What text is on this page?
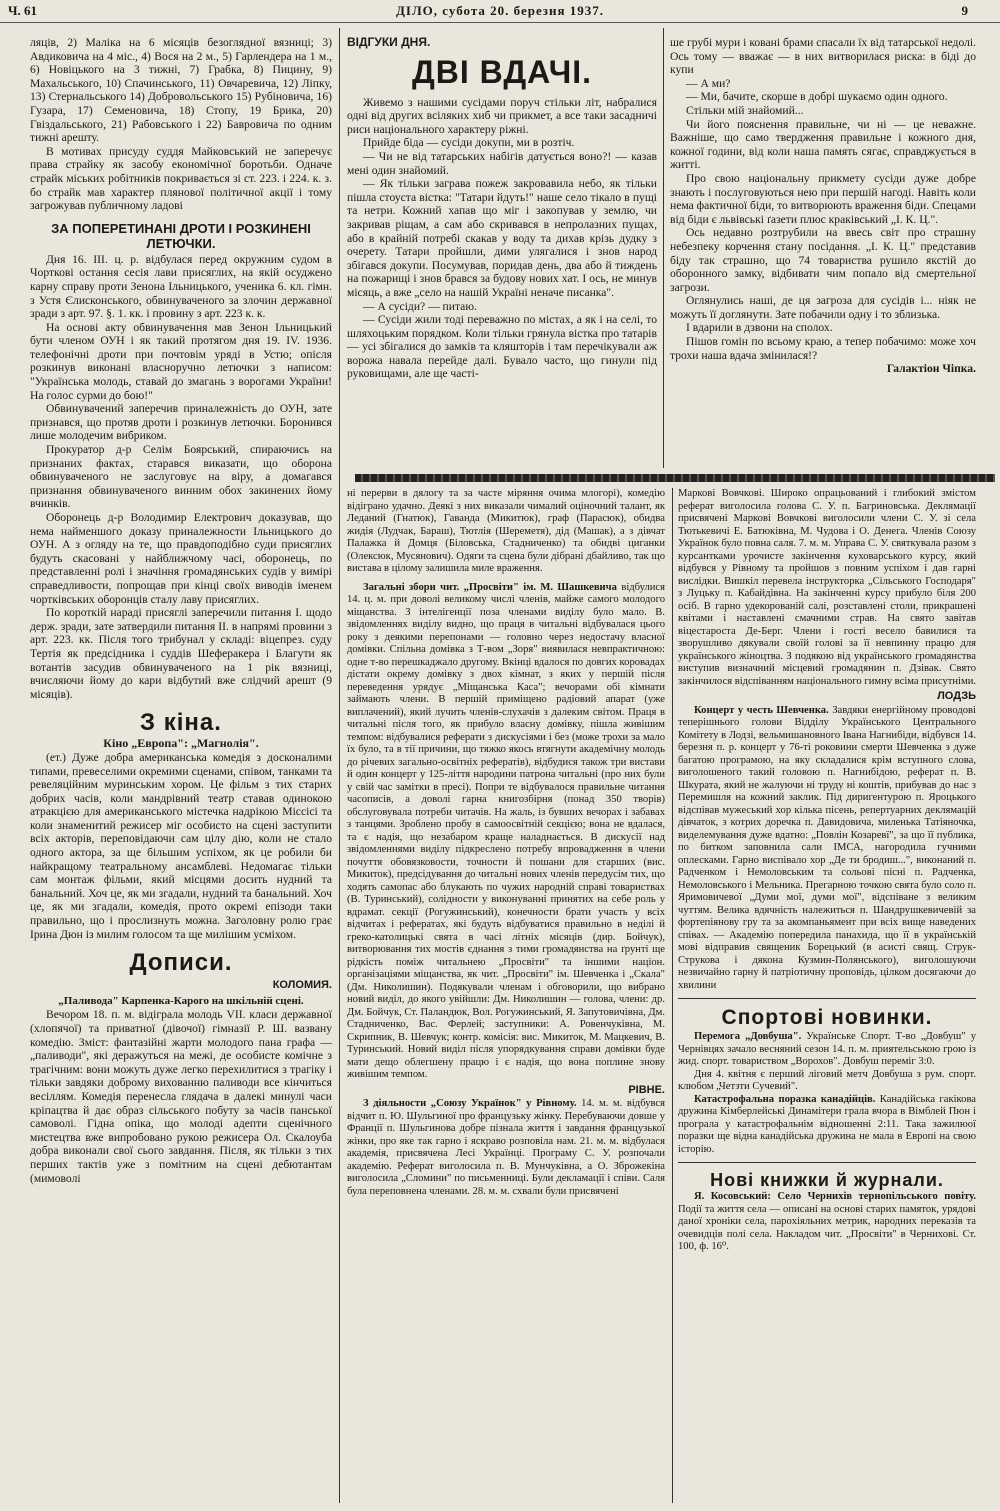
Ч. 61	ДІЛО, субота 20. березня 1937.	9

ляців, 2) Маліка на 6 місяців безоглядної вязниці; 3) Авдиковича на 4 міс., 4) Вося на 2 м., 5) Гарлендера на 1 м., 6) Новіцького на 3 тижні, 7) Грабка, 8) Пицину, 9) Махальського, 10) Спачинського, 11) Овчаревича, 12) Ліпку, 13) Стернальського 14) Добровольського 15) Рубіновича, 16) Гузара, 17) Семеновича, 18) Стопу, 19 Брика, 20) Гвіздальського, 21) Рабовського і 22) Бавровича по одним тижні арешту.

В мотивах присуду суддя Майковський не заперечує права страйку як засобу економічної боротьби. Одначе страйк міських робітників покривається зі ст. 223. і 224. к. з. бо страйк мав характер плянової політичної акції і тому загрожував публичному ладові

ЗА ПОПЕРЕТИНАНІ ДРОТИ І РОЗКИНЕНІ ЛЕТЮЧКИ.

Дня 16. ІІІ. ц. р. відбулася перед окружним судом в Чорткові остання сесія лави присяглих, на якій осуджено карну справу проти Зенона Ільницького, ученика 6. кл. гімн. з Устя Єлисконського, обвинуваченого за злочин державної зради з арт. 97. §. 1. кк. і провину з арт. 223 к. к.

На основі акту обвинувачення мав Зенон Ільницький бути членом ОУН і як такий протягом дня 19. IV. 1936. телефонічні дроти при почтовім уряді в Устю; опісля розкинув виконані власноручно летючки з написом: "Українська молодь, ставай до змагань з ворогами України! На голос сурми до бою!"

Обвинувачений заперечив приналежність до ОУН, зате признався, що протяв дроти і розкинув летючки. Боронився лише молодечим вибриком.

Прокуратор д-р Селім Боярський, спираючись на признаних фактах, старався виказати, що оборона обвинуваченого не заслуговує на віру, а домагався признання обвинуваченого винним обох закинених йому вчинків.

Оборонець д-р Володимир Електрович доказував, що нема найменшого доказу приналежности Ільницького до ОУН. А з огляду на те, що правдоподібно суди присяглих будуть скасовані у найближчому часі, оборонець, по представленні ролі і значіння громадянських судів у вимірі справедливости, попрощав при кінці своїх виводів іменем чортківських оборонців сталу лаву присяглих.

По короткій нараді присяглі заперечили питання І. щодо держ. зради, зате затвердили питання ІІ. в напрямі провини з арт. 223. кк. Після того трибунал у складі: віцепрез. суду Тертія як предсідника і суддів Шеферакера і Благути як вотантів засудив обвинуваченого на 1 рік вязниці, вчисляючи йому до кари відбутий вже слідчий арешт (9 місяців).

З кіна.
Кіно „Европа": „Магнолія".

(ет.) Дуже добра американська комедія з досконалими типами, превеселими окремими сценами, співом, танками та ревеляційним муринським хором. Це фільм з тих старих добрих часів, коли мандрівний театр ставав одинокою атракцією для американського містечка надрікою Міссісі та коли знаменитий режисер міг особисто на сцені заступити всіх акторів, переповідаючи сам цілу дію, коли не стало одного актора, за ще більшим успіхом, як це робили би найкращому театральному ансамблеві. Недомагає тільки сам монтаж фільми, який місцями досить нудний та банальний. Хоч це, як ми згадали, нудний та банальний. Хоч це, як ми згадали, комедія, прото окремі епізоди таки правильно, що і прослизнуть можна. Заголовну ролю грає Ірина Дюн із милим голосом та ще милішим усміхом.

Дописи.
КОЛОМИЯ.
„Паливода" Карпенка-Карого на шкільній сцені.

Вечором 18. п. м. відіграла молодь VII. класи державної (хлопячої) та приватної (дівочої) гімназії Р. Ш. вазвану комедію. Зміст: фантазійні жарти молодого пана графа — „паливоди", які деражуться на межі, де особисте комічне з трагічним: вони можуть дуже легко перехилитися з трагіку і тільки завдяки доброму вихованню паливоди все кінчиться весіллям. Комедія перенесла глядача в далекі минулі часи кріпацтва й дає образ сільського побуту за часів панської самоволі. Гідна опіка, що молоді адепти сценічного мистецтва вже випробовано рукою режисера Ол. Скалоуба добра виконали свої сього завдання. Після, як тільки з тих перших тактів уже з помітним на сцені дебютантам (мимоволі

ВІДГУКИ ДНЯ.
ДВІ ВДАЧІ.

Живемо з нашими сусідами поруч стільки літ, набралися одні від других всіляких хиб чи прикмет, а все таки засадничі риси національного характеру ріжні.

Прийде біда — сусіди докупи, ми в розтіч.

— Чи не від татарських набігів датується воно?! — казав мені один знайомий.

— Як тільки заграва пожеж закровавила небо, як тільки пішла стоуста вістка: "Татари йдуть!" наше село тікало в пущі та нетри. Кожний хапав що міг і закопував у землю, чи закривав ріщам, а сам або скривався в непролазних пущах, або в крайній потребі скакав у воду та дихав крізь дудку з очерету. Татари пройшли, дими улягалися і знов народ збігався докупи. Посумував, поридав день, два або й тиждень на пожарищі і знов брався за будову нових хат. І ось, не минув місяць, а вже „село на нашій Україні неначе писанка".

— А сусіди? — питаю.

— Сусіди жили тоді переважно по містах, а як і на селі, то шляхоцьким порядком. Коли тільки грянула вістка про татарів — усі збігалися до замків та кляшторів і там перечікували аж ворожа навала перейде далі. Бувало часто, що гинули під руковищами, але ще часті-

ше грубі мури і ковані брами спасали їх від татарської недолі. Ось тому — вважає — в них витворилася риска: в біді до купи

— А ми?

— Ми, бачите, скорше в добрі шукаємо один одного.

Стільки мій знайомий...

Чи його пояснення правильне, чи ні — це неважне. Важніше, що само твердження правильне і кожного дня, кожної години, від коли наша память сягає, справджується в житті.

Про свою національну прикмету сусіди дуже добре знають і послуговуються нею при першій нагоді. Навіть коли нема фактичної біди, то витворюють враження біди. Спецами від біди є львівські ґазети плюс краківський „І. К. Ц.".

Ось недавно розтрубили на ввесь світ про страшну небезпеку корчення стану посідання. „І. К. Ц." представив біду так страшно, що 74 товариства рушило якстій до оборонного замку, відбивати чим попало від смертельної загрози.

Оглянулись наші, де ця загроза для сусідів і... ніяк не можуть її доглянути. Зате побачили одну і то зблизька.

І вдарили в дзвони на сполох.

Пішов гомін по всьому краю, а тепер побачимо: може хоч трохи наша вдача змінилася!?

Галактіон Чіпка.

ні перерви в дялогу та за часте міряння очима млогорі), комедію відіграно удачно. Деякі з них виказали чималий оціночний талант, як Леданий (Гнатюк), Гаванда (Микитюк), граф (Парасюк), обидва жидія (Лудчак, Бараш), Тютлія (Шереметя), дід (Машак), а з дівчат Палажка й Домця (Біловська, Стадниченко) та обидві циганки (Олексюк, Мусянович). Одяги та сцена були дібрані дбайливо, так що вистава в цілому залишила миле враження.

Загальні збори чит. „Просвіти" ім. М. Шашкевича відбулися 14. ц. м. при доволі великому числі членів, майже самого молодого міщанства. З інтелігенції поза членами виділу було мало. В. звідомленнях виділу видно, що праця в читальні відбувалася цього року з деякими перепонами — головно через недостачу власної домівки. Спільна домівка з Т-вом „Зоря" виявилася невпрактичною: одне т-во перешкаджало другому. Вкінці вдалося по довгих коровадах дістати окрему домівку з двох кімнат, з яких у першій після переведення урядує „Міщанська Каса"; вечорами обі кімнати займають члени. В першій приміщено радіовий апарат (уже виплачений), який лучить членів-слухачів з далеким світом. Праця в читальні після того, як прибуло власну домівку, пішла живішим темпом: відбувалися реферати з дискусіями і без (може трохи за мало їх було, та в тії причини, що тяжко якось втягнути академічну молодь до річевих загально-освітніх рефератів), відбудися також три вистави й один концерт у 125-ліття народини патрона читальні (про них були у свій час замітки в пресі). Попри те відбувалося правильне читання часописів, а доволі гарна книгозбірня (понад 350 творів) обслуговувала потреби читачів. На жаль, із бувших вечорах і забавах з танцями. Зроблено пробу в самоосвітній секцією; вона не вдалася, та є надія, що незабаром краще наладнається. В дискусії над звідомленнями виділу підкреслено потребу впровадження в члени почуття обовязковости, точности й пошани для старших (вис. Микиток), предсідування до читальні нових членів передусім тих, що ходять самопас або блукають по чужих народній справі товариствах (В. Туринський), солідности у виконуванні принятих на себе роль у вдрамат. секції (Рогужинський), конечности брати участь у всіх відчитах і рефератах, які будуть відбуватися правильно в неділі й греко-католицькі свята в часі літніх місяців (дир. Бойчук), витворювання тих мостів єднання з тими громадянства на ґрунті ще рідкість поміж читальнею „Просвіти" та іншими націон. організаціями міщанства, як чит. „Просвіти" ім. Шевченка і „Скала" (Дм. Николишин). Подякували членам і обговорили, що вибрано новий виділ, до якого увійшли: Дм. Николишин — голова, члени: др. Дм. Бойчук, Ст. Паландюк, Вол. Рогужинський, Я. Запутовичівна, Дм. Стадниченко, Вас. Ферлей; заступники: А. Ровенчуківна, М. Скрипник, В. Шевчук; контр. комісія: вис. Микиток, М. Мацкевич, В. Туринський. Новий виділ після упорядкування справи домівки буде мати дещо облегшену працю і є надія, що вона поплине знову живішим темпом.

РІВНЕ.

З діяльности „Союзу Українок" у Рівному. 14. м. м. відбувся відчит п. Ю. Шульгиної про французьку жінку. Перебуваючи довше у Франції п. Шульгинова добре пізнала життя і завдання французької жінки, про яке так гарно і яскраво розповіла нам. 21. м. м. відбулася академія, присвячена Лесі Українці. Програму С. У. розпочали академію. Реферат виголосила п. В. Мунчуківна, а О. Зброжекіна виголосила „Сломини" по письменниці. Були декламації і співи. Саля була переповнена членами. 28. м. м. схвали були присвячені

Маркові Вовчкові. Широко опрацьований і глибокий змістом реферат виголосила голова С. У. п. Багриновська. Деклямації присвячені Маркові Вовчкові виголосили члени С. У. зі села Тютькевичі Е. Батюківна, М. Чудова і О. Денега. Членів Союзу Українок було повна саля. 7. м. м. Управа С. У. святкувала разом з курсантками урочисте закінчення куховарського курсу, який відбувся у Рівному та пройшов з повним успіхом і дав гарні вислідки. Вишкіл перевела інструкторка „Сільського Господаря" з Луцьку п. Кабайдівна. На закінченні курсу прибуло біля 200 осіб. В гарно удекорованій салі, розставлені столи, прикрашені квітами і наставлені смачними страв. На свято завітав віцестароста Де-Берг. Члени і гості весело бавилися та зворушливо дякували своїй голові за її невпинну працю для українського жіноцтва. З подякою від українського громадянства виступив визначний місцевий громадянин п. Дзівак. Свято закінчилося відспіванням національного гимну всіма присутніми.

ЛОДЗЬ

Концерт у честь Шевченка. Завдяки енергійному проводові теперішнього голови Відділу Українського Центрального Комітету в Лодзі, вельмишановного Івана Нагнибіди, відбувся 14. березня п. р. концерт у 76-ті роковини смерти Шевченка з дуже багатою програмою, на яку складалися крім вступного слова, виголошеного такий головою п. Нагнибідою, реферат п. В. Шкурата, який не жалуючи ні труду ні коштів, прибував до нас з Перемишля на кожний заклик. Під диригентурою п. Яроцького відспівав мужеський хор кілька пісень, репертуарних деклямацій дівчаток, з котрих доречка п. Давидовича, миленька Татіяночка, виделемування дуже вдатно: „Повлін Козаревї", за що її публика, по битком заповнила сали ІМСА, нагородила гучними оплесками. Гарно виспівало хор „Де ти бродиш...", виконаний п. Радченком і Немоловським та сольові пісні п. Радченка, Немоловського і Мельника. Прегарною точкою свята було соло п. Яримовичевої „Думи мої, думи мої", відспіване з великим чуттям. Велика вдячність належиться п. Шандрушкевичевій за фортепіянову гру та за акомпаньямент при всіх вище наведених співах. — Академію попередила панахида, що її в українській мові відправив священик Борецький (в асисті свящ. Струк-Струкова і дякона Кузмин-Полянського), виголошуючи незвичайно гарну й патріотичну проповідь, цілком досягаючи до хвилини

Спортові новинки.

Перемога „Довбуша". Українське Спорт. Т-во „Довбуш" у Чернівцях зачало весняний сезон 14. п. м. приятельською грою із жид. спорт. товариством „Ворохов". Довбуш переміг 3:0.

Дня 4. квітня є перший ліговий метч Довбуша з рум. спорт. клюбом „Четзти Сучевий".

Катастрофальна поразка канадійців. Канадійська гакікова дружина Кімберлейські Динамітери грала вчора в Вімблей Пюн і програла у катастрофальнім відношенні 2:11. Така зажилюої поразки ще відна канадійська дружина не мала в Европі на свою історію.

Нові книжки й журнали.

Я. Косовський: Село Чернихів тернопільського повіту. Події та життя села — описані на основі старих памяток, урядові даної хроніки села, пароxіяльних метрик, народних переказів та очевидців полі села. Накладом чит. „Просвіти" в Чернихові. Ст. 100, ф. 16⁰.
